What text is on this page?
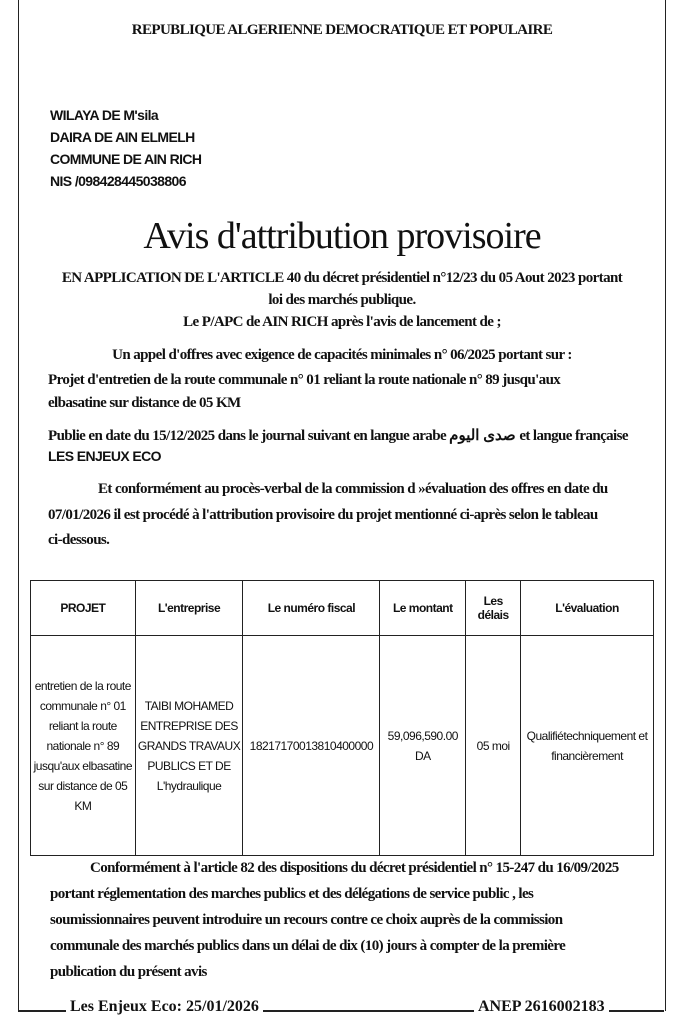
REPUBLIQUE ALGERIENNE DEMOCRATIQUE ET POPULAIRE
WILAYA DE M'sila
DAIRA DE AIN ELMELH
COMMUNE DE AIN RICH
NIS /098428445038806
Avis d'attribution provisoire
EN APPLICATION DE L'ARTICLE 40 du décret présidentiel n°12/23 du 05 Aout 2023 portant
loi des marchés publique.
Le P/APC de AIN RICH après l'avis de lancement de ;
Un appel d'offres avec exigence de capacités minimales n° 06/2025 portant sur :
Projet d'entretien de la route communale n° 01 reliant la route nationale n° 89 jusqu'aux
elbasatine sur distance de 05 KM
Publie en date du 15/12/2025 dans le journal suivant en langue arabe صدى اليوم et langue française
LES ENJEUX ECO
Et conformément au procès-verbal de la commission d »évaluation des offres en date du
07/01/2026 il est procédé à l'attribution provisoire du projet mentionné ci-après selon le tableau
ci-dessous.
PROJET	L'entreprise	Le numéro fiscal	Le montant	Les délais	L'évaluation
entretien de la route communale n° 01 reliant la route nationale n° 89 jusqu'aux elbasatine sur distance de 05 KM	TAIBI MOHAMED ENTREPRISE DES GRANDS TRAVAUX PUBLICS ET DE L'hydraulique	18217170013810400000	59,096,590.00 DA	05 moi	Qualifiétechniquement et financièrement
Conformément à l'article 82 des dispositions du décret présidentiel n° 15-247 du 16/09/2025
portant réglementation des marches publics et des délégations de service public , les
soumissionnaires peuvent introduire un recours contre ce choix auprès de la commission
communale des marchés publics dans un délai de dix (10) jours à compter de la première
publication du présent avis
Les Enjeux Eco: 25/01/2026	ANEP 2616002183
